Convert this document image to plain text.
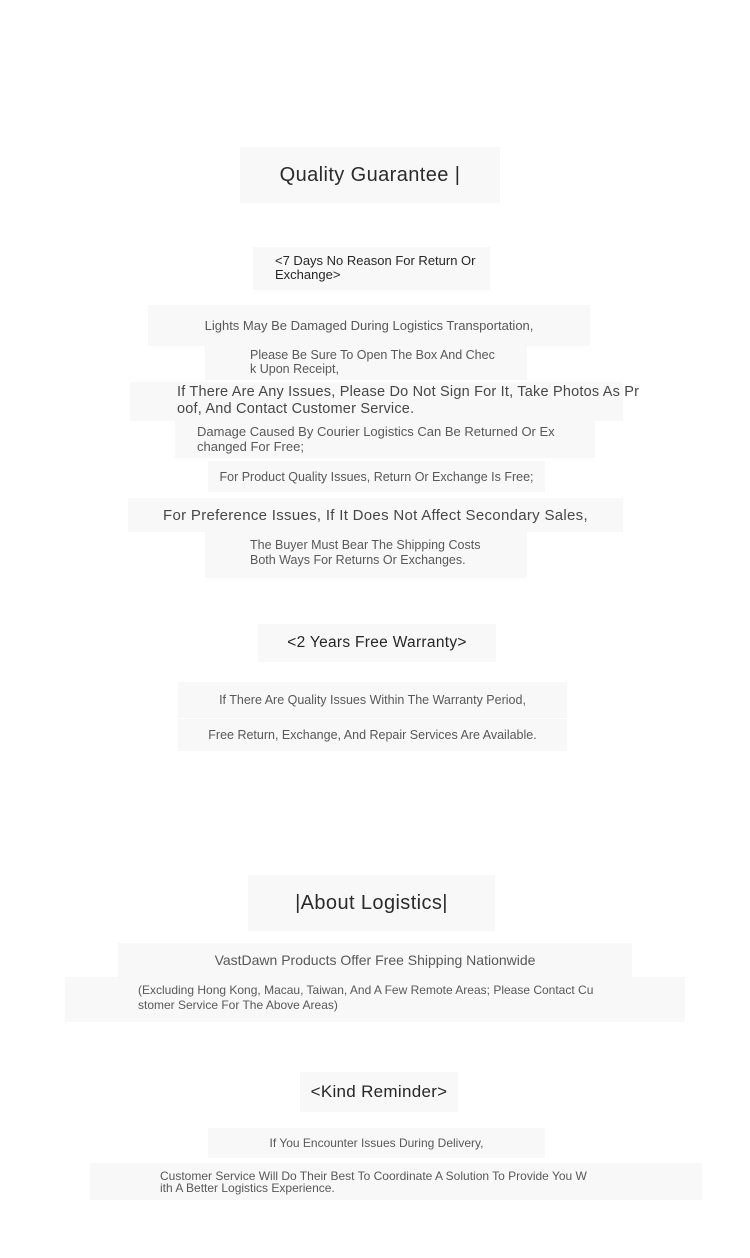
Quality Guarantee |
<7 Days No Reason For Return Or
Exchange>
Lights May Be Damaged During Logistics Transportation,
Please Be Sure To Open The Box And Chec
k Upon Receipt,
If There Are Any Issues, Please Do Not Sign For It, Take Photos As Pr
oof, And Contact Customer Service.
Damage Caused By Courier Logistics Can Be Returned Or Ex
changed For Free;
For Product Quality Issues, Return Or Exchange Is Free;
For Preference Issues, If It Does Not Affect Secondary Sales,
The Buyer Must Bear The Shipping Costs
Both Ways For Returns Or Exchanges.
<2 Years Free Warranty>
If There Are Quality Issues Within The Warranty Period,
Free Return, Exchange, And Repair Services Are Available.
|About Logistics|
VastDawn Products Offer Free Shipping Nationwide
(Excluding Hong Kong, Macau, Taiwan, And A Few Remote Areas; Please Contact Cu
stomer Service For The Above Areas)
<Kind Reminder>
If You Encounter Issues During Delivery,
Customer Service Will Do Their Best To Coordinate A Solution To Provide You W
ith A Better Logistics Experience.
